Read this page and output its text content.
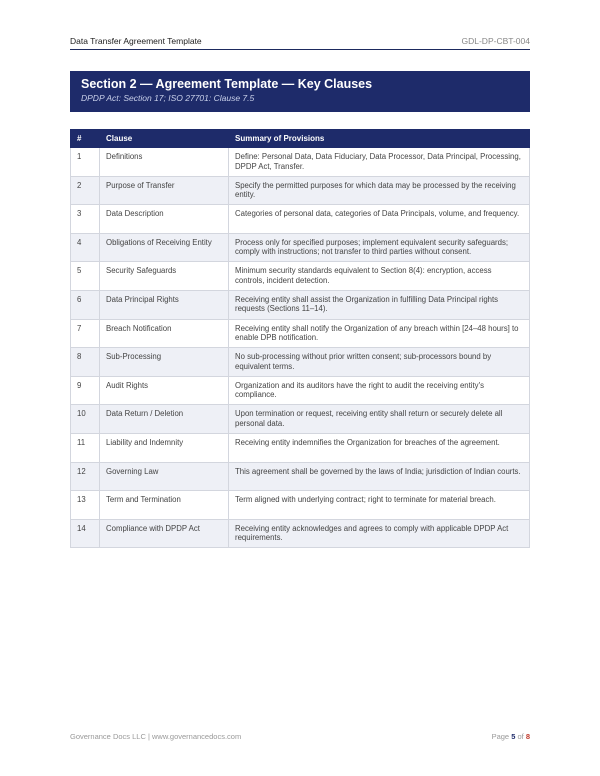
Data Transfer Agreement Template	GDL-DP-CBT-004
Section 2 — Agreement Template — Key Clauses
DPDP Act: Section 17; ISO 27701: Clause 7.5
#	Clause	Summary of Provisions
1	Definitions	Define: Personal Data, Data Fiduciary, Data Processor, Data Principal, Processing, DPDP Act, Transfer.
2	Purpose of Transfer	Specify the permitted purposes for which data may be processed by the receiving entity.
3	Data Description	Categories of personal data, categories of Data Principals, volume, and frequency.
4	Obligations of Receiving Entity	Process only for specified purposes; implement equivalent security safeguards; comply with instructions; not transfer to third parties without consent.
5	Security Safeguards	Minimum security standards equivalent to Section 8(4): encryption, access controls, incident detection.
6	Data Principal Rights	Receiving entity shall assist the Organization in fulfilling Data Principal rights requests (Sections 11–14).
7	Breach Notification	Receiving entity shall notify the Organization of any breach within [24–48 hours] to enable DPB notification.
8	Sub-Processing	No sub-processing without prior written consent; sub-processors bound by equivalent terms.
9	Audit Rights	Organization and its auditors have the right to audit the receiving entity's compliance.
10	Data Return / Deletion	Upon termination or request, receiving entity shall return or securely delete all personal data.
11	Liability and Indemnity	Receiving entity indemnifies the Organization for breaches of the agreement.
12	Governing Law	This agreement shall be governed by the laws of India; jurisdiction of Indian courts.
13	Term and Termination	Term aligned with underlying contract; right to terminate for material breach.
14	Compliance with DPDP Act	Receiving entity acknowledges and agrees to comply with applicable DPDP Act requirements.
Governance Docs LLC | www.governancedocs.com	Page 5 of 8
